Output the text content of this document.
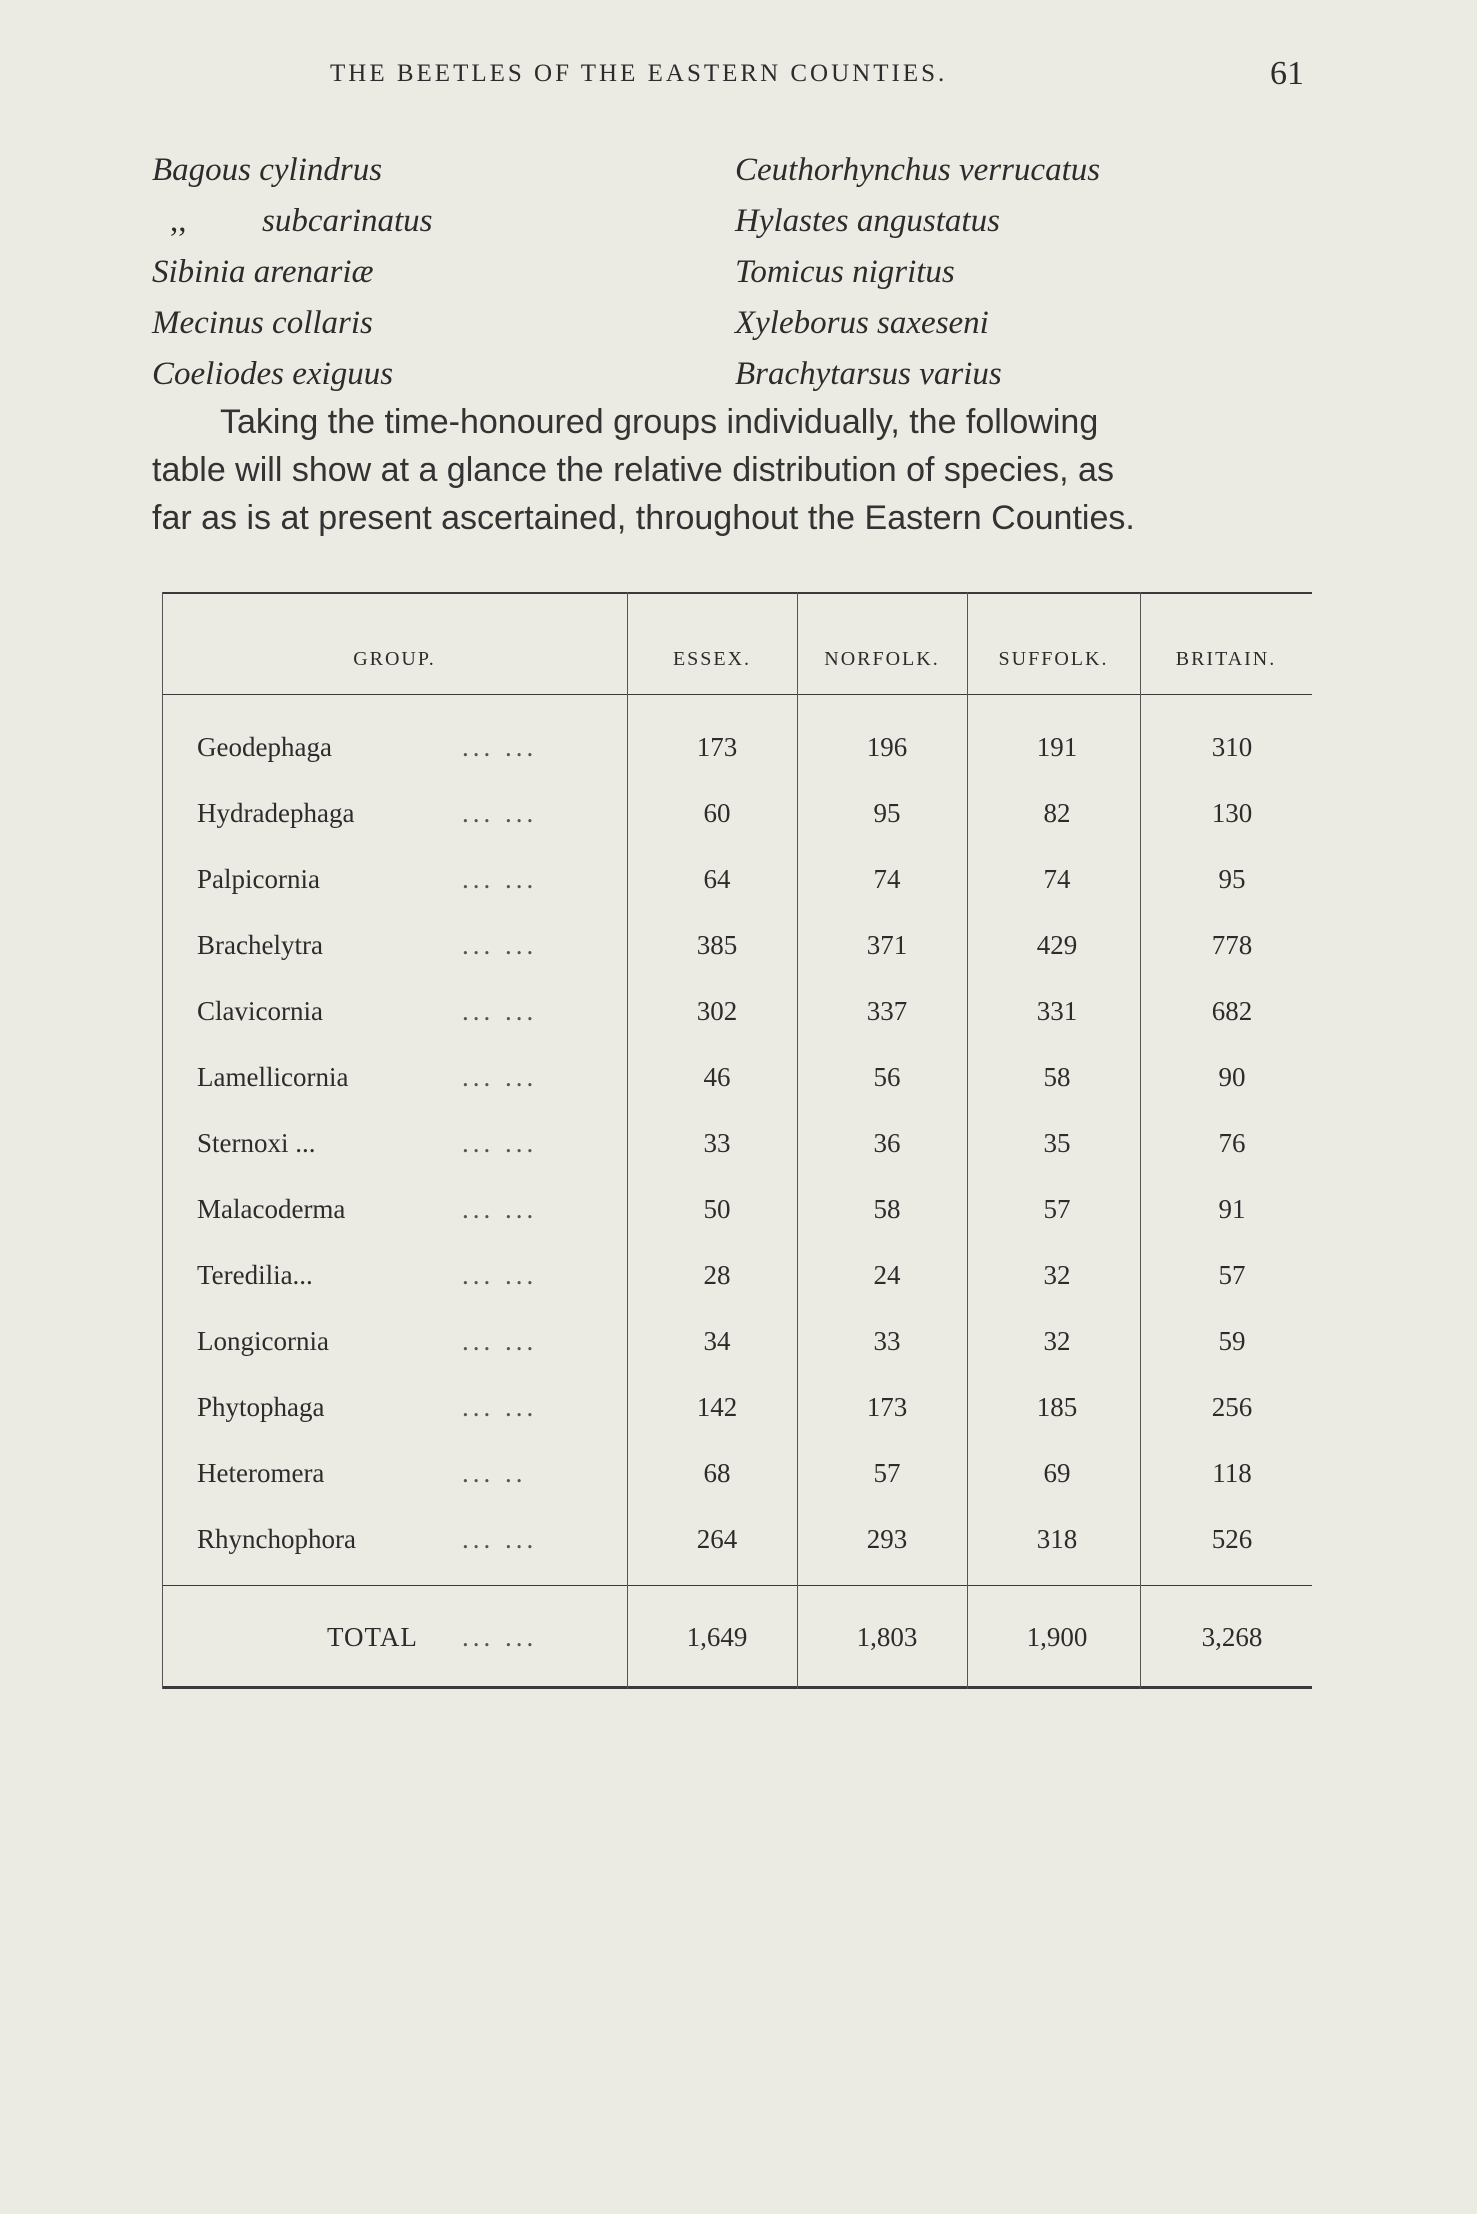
THE BEETLES OF THE EASTERN COUNTIES.	61
Bagous cylindrus
,, subcarinatus
Sibinia arenariæ
Mecinus collaris
Coeliodes exiguus
Ceuthorhynchus verrucatus
Hylastes angustatus
Tomicus nigritus
Xyleborus saxeseni
Brachytarsus varius
Taking the time-honoured groups individually, the following
table will show at a glance the relative distribution of species, as
far as is at present ascertained, throughout the Eastern Counties.
GROUP.	ESSEX.	NORFOLK.	SUFFOLK.	BRITAIN.
Geodephaga	... ...	173	196	191	310
Hydradephaga	... ...	60	95	82	130
Palpicornia	... ...	64	74	74	95
Brachelytra	... ...	385	371	429	778
Clavicornia	... ...	302	337	331	682
Lamellicornia	... ...	46	56	58	90
Sternoxi ...	... ...	33	36	35	76
Malacoderma	... ...	50	58	57	91
Teredilia...	... ...	28	24	32	57
Longicornia	... ...	34	33	32	59
Phytophaga	... ...	142	173	185	256
Heteromera	... ..	68	57	69	118
Rhynchophora	... ...	264	293	318	526
TOTAL	... ...	1,649	1,803	1,900	3,268
